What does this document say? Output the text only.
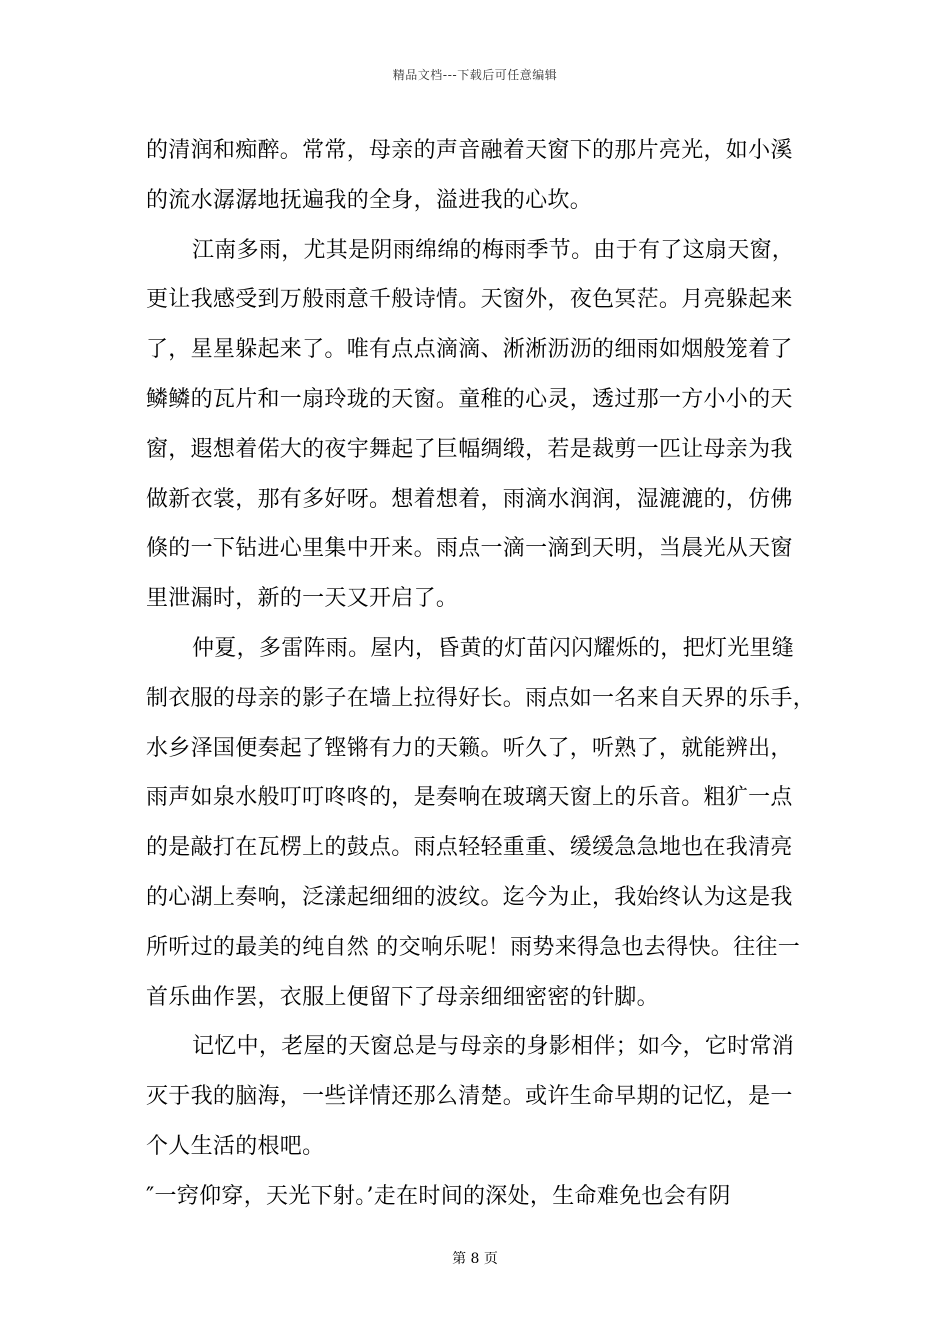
精品文档---下载后可任意编辑
的清润和痴醉。常常，母亲的声音融着天窗下的那片亮光，如小溪
的流水潺潺地抚遍我的全身，溢进我的心坎。
江南多雨，尤其是阴雨绵绵的梅雨季节。由于有了这扇天窗，
更让我感受到万般雨意千般诗情。天窗外，夜色冥茫。月亮躲起来
了，星星躲起来了。唯有点点滴滴、淅淅沥沥的细雨如烟般笼着了
鳞鳞的瓦片和一扇玲珑的天窗。童稚的心灵，透过那一方小小的天
窗，遐想着偌大的夜宇舞起了巨幅绸缎，若是裁剪一匹让母亲为我
做新衣裳，那有多好呀。想着想着，雨滴水润润，湿漉漉的，仿佛
倏的一下钻进心里集中开来。雨点一滴一滴到天明，当晨光从天窗
里泄漏时，新的一天又开启了。
仲夏，多雷阵雨。屋内，昏黄的灯苗闪闪耀烁的，把灯光里缝
制衣服的母亲的影子在墙上拉得好长。雨点如一名来自天界的乐手，
水乡泽国便奏起了铿锵有力的天籁。听久了，听熟了，就能辨出，
雨声如泉水般叮叮咚咚的，是奏响在玻璃天窗上的乐音。粗犷一点
的是敲打在瓦楞上的鼓点。雨点轻轻重重、缓缓急急地也在我清亮
的心湖上奏响，泛漾起细细的波纹。迄今为止，我始终认为这是我
所听过的最美的纯自然 的交响乐呢！雨势来得急也去得快。往往一
首乐曲作罢，衣服上便留下了母亲细细密密的针脚。
记忆中，老屋的天窗总是与母亲的身影相伴；如今，它时常消
灭于我的脑海，一些详情还那么清楚。或许生命早期的记忆，是一
个人生活的根吧。
″一窍仰穿，天光下射。’走在时间的深处，生命难免也会有阴
第 8 页
